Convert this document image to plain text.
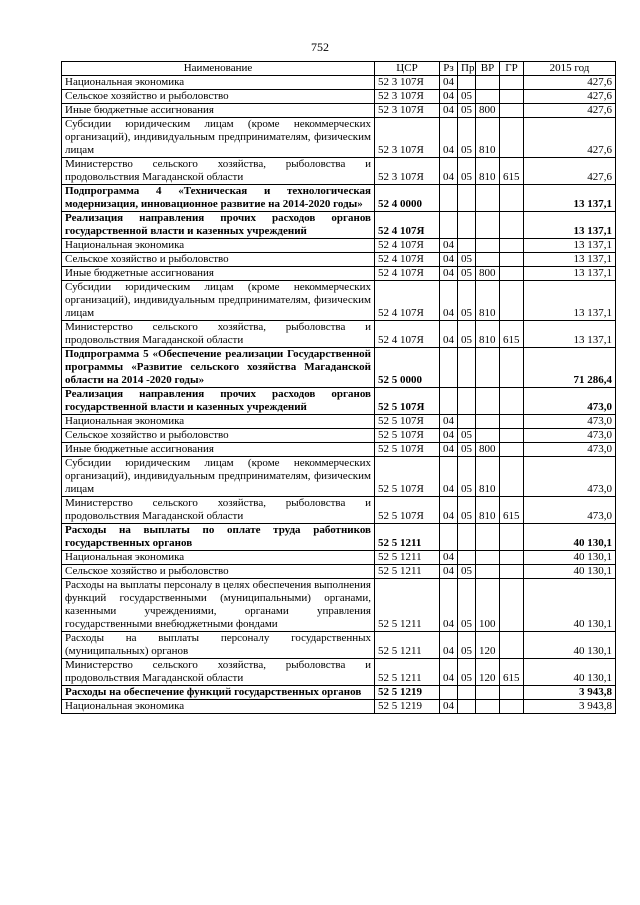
752
Наименование	ЦСР	Рз	Пр	ВР	ГР	2015 год
Национальная экономика	52 3 107Я	04				427,6
Сельское хозяйство и рыболовство	52 3 107Я	04	05			427,6
Иные бюджетные ассигнования	52 3 107Я	04	05	800		427,6
Субсидии юридическим лицам (кроме некоммерческих организаций), индивидуальным предпринимателям, физическим лицам	52 3 107Я	04	05	810		427,6
Министерство сельского хозяйства, рыболовства и продовольствия Магаданской области	52 3 107Я	04	05	810	615	427,6
Подпрограмма 4 «Техническая и технологическая модернизация, инновационное развитие на 2014-2020 годы»	52 4 0000					13 137,1
Реализация направления прочих расходов органов государственной власти и казенных учреждений	52 4 107Я					13 137,1
Национальная экономика	52 4 107Я	04				13 137,1
Сельское хозяйство и рыболовство	52 4 107Я	04	05			13 137,1
Иные бюджетные ассигнования	52 4 107Я	04	05	800		13 137,1
Субсидии юридическим лицам (кроме некоммерческих организаций), индивидуальным предпринимателям, физическим лицам	52 4 107Я	04	05	810		13 137,1
Министерство сельского хозяйства, рыболовства и продовольствия Магаданской области	52 4 107Я	04	05	810	615	13 137,1
Подпрограмма 5 «Обеспечение реализации Государственной программы «Развитие сельского хозяйства Магаданской области на 2014 -2020 годы»	52 5 0000					71 286,4
Реализация направления прочих расходов органов государственной власти и казенных учреждений	52 5 107Я					473,0
Национальная экономика	52 5 107Я	04				473,0
Сельское хозяйство и рыболовство	52 5 107Я	04	05			473,0
Иные бюджетные ассигнования	52 5 107Я	04	05	800		473,0
Субсидии юридическим лицам (кроме некоммерческих организаций), индивидуальным предпринимателям, физическим лицам	52 5 107Я	04	05	810		473,0
Министерство сельского хозяйства, рыболовства и продовольствия Магаданской области	52 5 107Я	04	05	810	615	473,0
Расходы на выплаты по оплате труда работников государственных органов	52 5 1211					40 130,1
Национальная экономика	52 5 1211	04				40 130,1
Сельское хозяйство и рыболовство	52 5 1211	04	05			40 130,1
Расходы на выплаты персоналу в целях обеспечения выполнения функций государственными (муниципальными) органами, казенными учреждениями, органами управления государственными внебюджетными фондами	52 5 1211	04	05	100		40 130,1
Расходы на выплаты персоналу государственных (муниципальных) органов	52 5 1211	04	05	120		40 130,1
Министерство сельского хозяйства, рыболовства и продовольствия Магаданской области	52 5 1211	04	05	120	615	40 130,1
Расходы на обеспечение функций государственных органов	52 5 1219					3 943,8
Национальная экономика	52 5 1219	04				3 943,8
